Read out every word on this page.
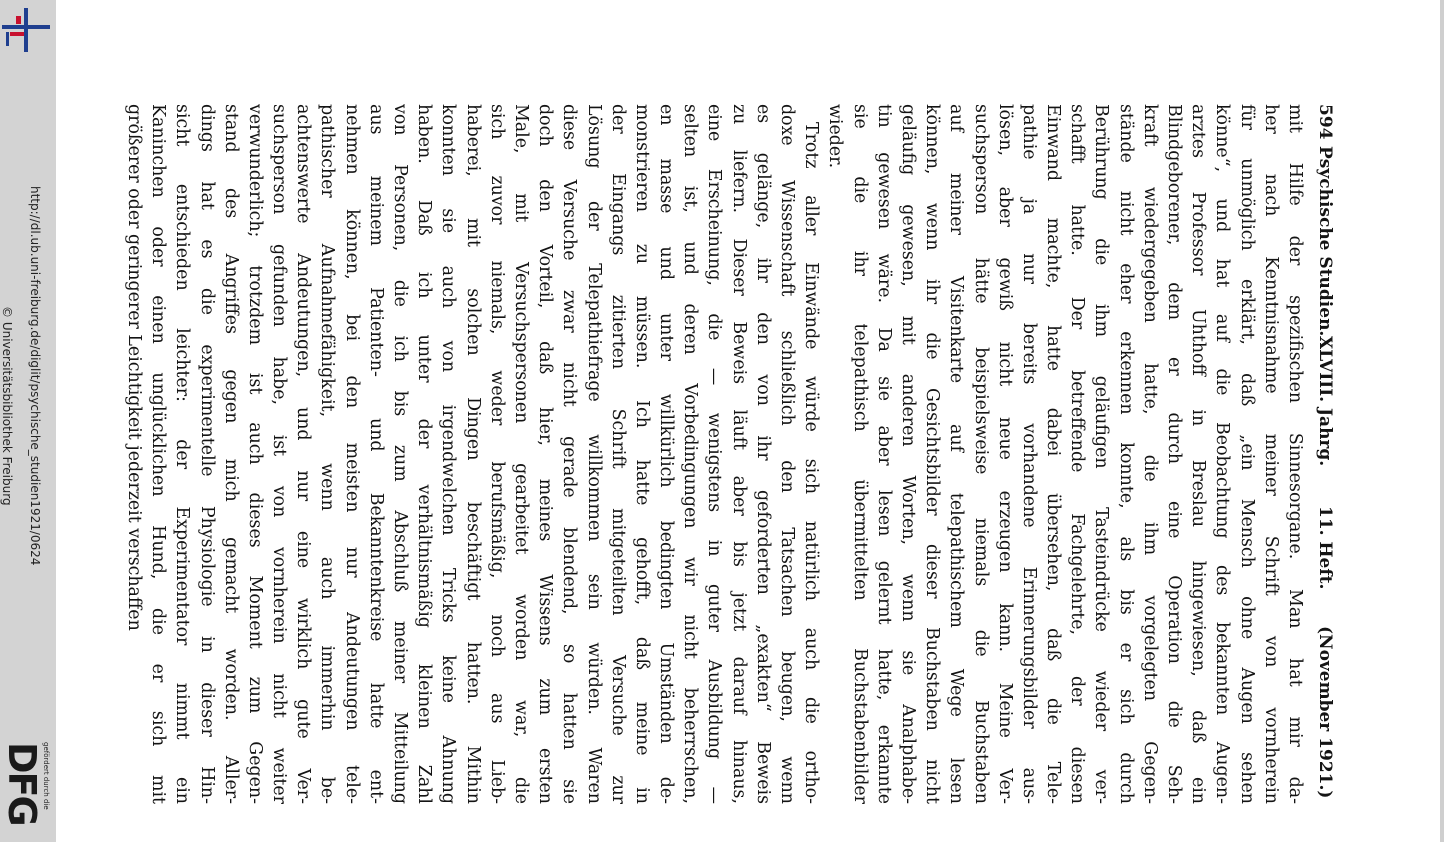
http://dl.ub.uni-freiburg.de/diglit/psychische_studien1921/0624
© Universitätsbibliothek Freiburg
gefördert durch die
DFG
594
Psychische Studien.
XLVIII. Jahrg.
11. Heft.
(November 1921.)
mit Hilfe der spezifischen Sinnesorgane. Man hat mir da-
her nach Kenntnisnahme meiner Schrift von vornherein
für unmöglich erklärt, daß „ein Mensch ohne Augen sehen
könne“, und hat auf die Beobachtung des bekannten Augen-
arztes Professor Uhthoff in Breslau hingewiesen, daß ein
Blindgeborener, dem er durch eine Operation die Seh-
kraft wiedergegeben hatte, die ihm vorgelegten Gegen-
stände nicht eher erkennen konnte, als bis er sich durch
Berührung die ihm geläufigen Tasteindrücke wieder ver-
schafft hatte. Der betreffende Fachgelehrte, der diesen
Einwand machte, hatte dabei übersehen, daß die Tele-
pathie ja nur bereits vorhandene Erinnerungsbilder aus-
lösen, aber gewiß nicht neue erzeugen kann. Meine Ver-
suchsperson hätte beispielsweise niemals die Buchstaben
auf meiner Visitenkarte auf telepathischem Wege lesen
können, wenn ihr die Gesichtsbilder dieser Buchstaben nicht
geläufig gewesen, mit anderen Worten, wenn sie Analphabe-
tin gewesen wäre. Da sie aber lesen gelernt hatte, erkannte
sie die ihr telepathisch übermittelten Buchstabenbilder
wieder.
Trotz aller Einwände würde sich natürlich auch die ortho-
doxe Wissenschaft schließlich den Tatsachen beugen, wenn
es gelänge, ihr den von ihr geforderten „exakten“ Beweis
zu liefern. Dieser Beweis läuft aber bis jetzt darauf hinaus,
eine Erscheinung, die — wenigstens in guter Ausbildung —
selten ist, und deren Vorbedingungen wir nicht beherrschen,
en masse und unter willkürlich bedingten Umständen de-
monstrieren zu müssen. Ich hatte gehofft, daß meine in
der Eingangs zitierten Schrift mitgeteilten Versuche zur
Lösung der Telepathiefrage willkommen sein würden. Waren
diese Versuche zwar nicht gerade blendend, so hatten sie
doch den Vorteil, daß hier, meines Wissens zum ersten
Male, mit Versuchspersonen gearbeitet worden war, die
sich zuvor niemals, weder berufsmäßig, noch aus Lieb-
haberei, mit solchen Dingen beschäftigt hatten. Mithin
konnten sie auch von irgendwelchen Tricks keine Ahnung
haben. Daß ich unter der verhältnismäßig kleinen Zahl
von Personen, die ich bis zum Abschluß meiner Mitteilung
aus meinem Patienten- und Bekanntenkreise hatte ent-
nehmen können, bei den meisten nur Andeutungen tele-
pathischer Aufnahmefähigkeit, wenn auch immerhin be-
achtenswerte Andeutungen, und nur eine wirklich gute Ver-
suchsperson gefunden habe, ist von vornherein nicht weiter
verwunderlich; trotzdem ist auch dieses Moment zum Gegen-
stand des Angriffes gegen mich gemacht worden. Aller-
dings hat es die experimentelle Physiologie in dieser Hin-
sicht entschieden leichter: der Experimentator nimmt ein
Kaninchen oder einen unglücklichen Hund, die er sich mit
größerer oder geringerer Leichtigkeit jederzeit verschaffen
